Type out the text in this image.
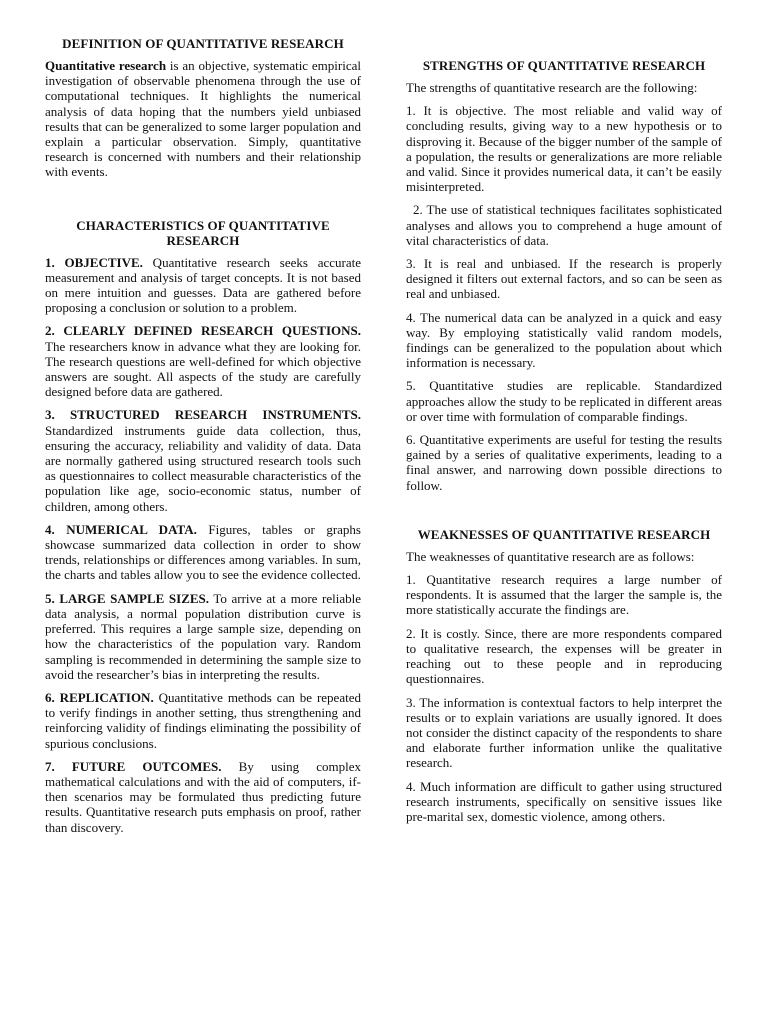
DEFINITION OF QUANTITATIVE RESEARCH

Quantitative research is an objective, systematic empirical investigation of observable phenomena through the use of computational techniques. It highlights the numerical analysis of data hoping that the numbers yield unbiased results that can be generalized to some larger population and explain a particular observation. Simply, quantitative research is concerned with numbers and their relationship with events.

CHARACTERISTICS OF QUANTITATIVE RESEARCH

1. OBJECTIVE. Quantitative research seeks accurate measurement and analysis of target concepts. It is not based on mere intuition and guesses. Data are gathered before proposing a conclusion or solution to a problem.

2. CLEARLY DEFINED RESEARCH QUESTIONS. The researchers know in advance what they are looking for. The research questions are well-defined for which objective answers are sought. All aspects of the study are carefully designed before data are gathered.

3. STRUCTURED RESEARCH INSTRUMENTS. Standardized instruments guide data collection, thus, ensuring the accuracy, reliability and validity of data. Data are normally gathered using structured research tools such as questionnaires to collect measurable characteristics of the population like age, socio-economic status, number of children, among others.

4. NUMERICAL DATA. Figures, tables or graphs showcase summarized data collection in order to show trends, relationships or differences among variables. In sum, the charts and tables allow you to see the evidence collected.

5. LARGE SAMPLE SIZES. To arrive at a more reliable data analysis, a normal population distribution curve is preferred. This requires a large sample size, depending on how the characteristics of the population vary. Random sampling is recommended in determining the sample size to avoid the researcher’s bias in interpreting the results.

6. REPLICATION. Quantitative methods can be repeated to verify findings in another setting, thus strengthening and reinforcing validity of findings eliminating the possibility of spurious conclusions.

7. FUTURE OUTCOMES. By using complex mathematical calculations and with the aid of computers, if-then scenarios may be formulated thus predicting future results. Quantitative research puts emphasis on proof, rather than discovery.

STRENGTHS OF QUANTITATIVE RESEARCH

The strengths of quantitative research are the following:

1. It is objective. The most reliable and valid way of concluding results, giving way to a new hypothesis or to disproving it. Because of the bigger number of the sample of a population, the results or generalizations are more reliable and valid. Since it provides numerical data, it can’t be easily misinterpreted.

2. The use of statistical techniques facilitates sophisticated analyses and allows you to comprehend a huge amount of vital characteristics of data.

3. It is real and unbiased. If the research is properly designed it filters out external factors, and so can be seen as real and unbiased.

4. The numerical data can be analyzed in a quick and easy way. By employing statistically valid random models, findings can be generalized to the population about which information is necessary.

5. Quantitative studies are replicable. Standardized approaches allow the study to be replicated in different areas or over time with formulation of comparable findings.

6. Quantitative experiments are useful for testing the results gained by a series of qualitative experiments, leading to a final answer, and narrowing down possible directions to follow.

WEAKNESSES OF QUANTITATIVE RESEARCH

The weaknesses of quantitative research are as follows:

1. Quantitative research requires a large number of respondents. It is assumed that the larger the sample is, the more statistically accurate the findings are.

2. It is costly. Since, there are more respondents compared to qualitative research, the expenses will be greater in reaching out to these people and in reproducing questionnaires.

3. The information is contextual factors to help interpret the results or to explain variations are usually ignored. It does not consider the distinct capacity of the respondents to share and elaborate further information unlike the qualitative research.

4. Much information are difficult to gather using structured research instruments, specifically on sensitive issues like pre-marital sex, domestic violence, among others.
